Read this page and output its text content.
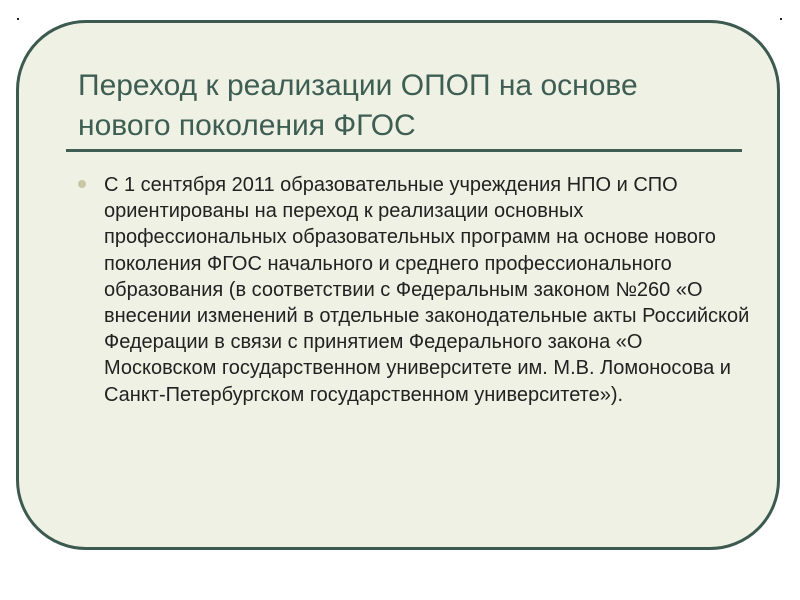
Переход к реализации ОПОП на основе нового поколения ФГОС

С 1 сентября 2011 образовательные учреждения НПО и СПО ориентированы на переход к реализации основных профессиональных образовательных программ на основе нового поколения ФГОС начального и среднего профессионального образования (в соответствии с Федеральным законом №260 «О внесении изменений в отдельные законодательные акты Российской Федерации в связи с принятием Федерального закона «О Московском государственном университете им. М.В. Ломоносова и Санкт-Петербургском государственном университете»).
